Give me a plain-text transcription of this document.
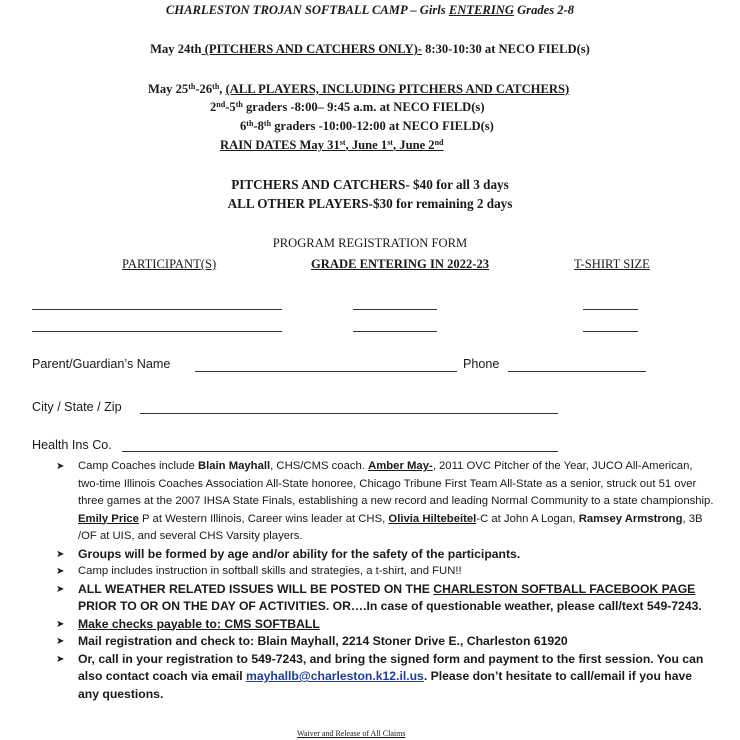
CHARLESTON TROJAN SOFTBALL CAMP – Girls ENTERING Grades 2-8
May 24th (PITCHERS AND CATCHERS ONLY)- 8:30-10:30 at NECO FIELD(s)
May 25th-26th, (ALL PLAYERS, INCLUDING PITCHERS AND CATCHERS)
2nd-5th graders -8:00– 9:45 a.m. at NECO FIELD(s)
6th-8th graders -10:00-12:00 at NECO FIELD(s)
RAIN DATES May 31st, June 1st, June 2nd
PITCHERS AND CATCHERS- $40 for all 3 days
ALL OTHER PLAYERS-$30 for remaining 2 days
PROGRAM REGISTRATION FORM
PARTICIPANT(S)	GRADE ENTERING IN 2022-23	T-SHIRT SIZE
Parent/Guardian’s Name	Phone
City / State / Zip
Health Ins Co.
➤ Camp Coaches include Blain Mayhall, CHS/CMS coach. Amber May-, 2011 OVC Pitcher of the Year, JUCO All-American, two-time Illinois Coaches Association All-State honoree, Chicago Tribune First Team All-State as a senior, struck out 51 over three games at the 2007 IHSA State Finals, establishing a new record and leading Normal Community to a state championship. Emily Price P at Western Illinois, Career wins leader at CHS, Olivia Hiltebeitel-C at John A Logan, Ramsey Armstrong, 3B /OF at UIS, and several CHS Varsity players.
➤ Groups will be formed by age and/or ability for the safety of the participants.
➤ Camp includes instruction in softball skills and strategies, a t-shirt, and FUN!!
➤ ALL WEATHER RELATED ISSUES WILL BE POSTED ON THE CHARLESTON SOFTBALL FACEBOOK PAGE PRIOR TO OR ON THE DAY OF ACTIVITIES. OR….In case of questionable weather, please call/text 549-7243.
➤ Make checks payable to: CMS SOFTBALL
➤ Mail registration and check to: Blain Mayhall, 2214 Stoner Drive E., Charleston 61920
➤ Or, call in your registration to 549-7243, and bring the signed form and payment to the first session. You can also contact coach via email mayhallb@charleston.k12.il.us. Please don’t hesitate to call/email if you have any questions.
Waiver and Release of All Claims
